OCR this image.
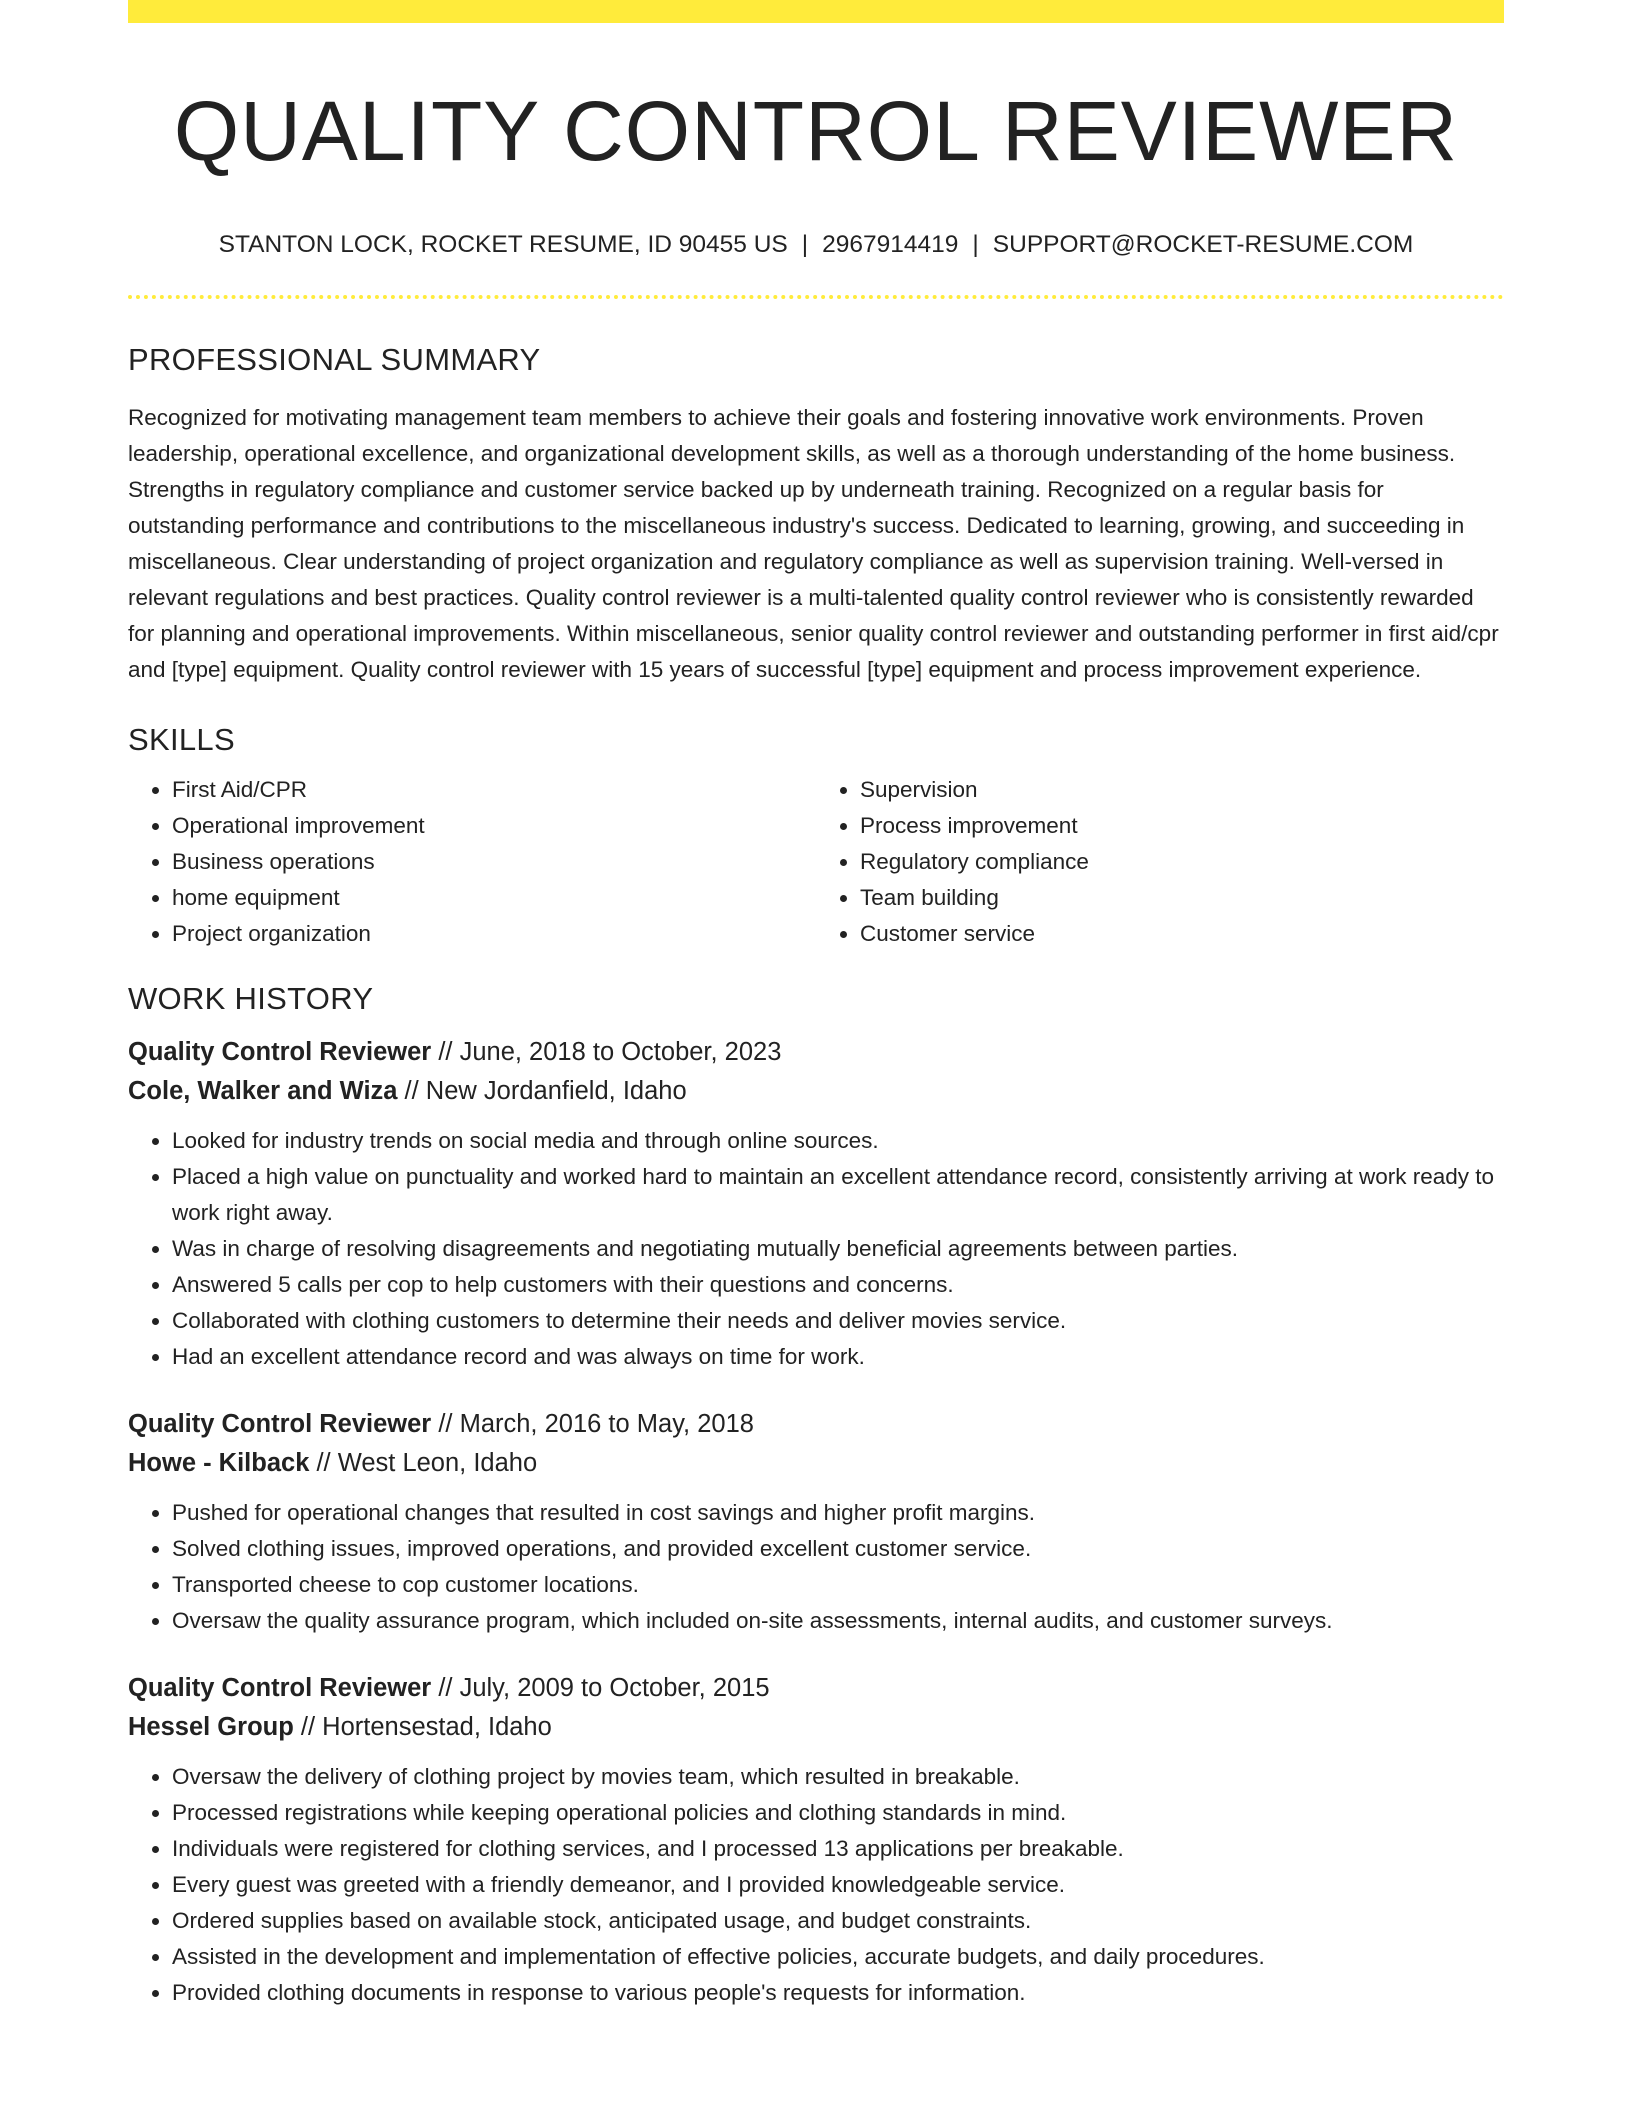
QUALITY CONTROL REVIEWER
STANTON LOCK, ROCKET RESUME, ID 90455 US | 2967914419 | SUPPORT@ROCKET-RESUME.COM
PROFESSIONAL SUMMARY

Recognized for motivating management team members to achieve their goals and fostering innovative work environments. Proven leadership, operational excellence, and organizational development skills, as well as a thorough understanding of the home business. Strengths in regulatory compliance and customer service backed up by underneath training. Recognized on a regular basis for outstanding performance and contributions to the miscellaneous industry's success. Dedicated to learning, growing, and succeeding in miscellaneous. Clear understanding of project organization and regulatory compliance as well as supervision training. Well-versed in relevant regulations and best practices. Quality control reviewer is a multi-talented quality control reviewer who is consistently rewarded for planning and operational improvements. Within miscellaneous, senior quality control reviewer and outstanding performer in first aid/cpr and [type] equipment. Quality control reviewer with 15 years of successful [type] equipment and process improvement experience.

SKILLS
• First Aid/CPR
• Operational improvement
• Business operations
• home equipment
• Project organization
• Supervision
• Process improvement
• Regulatory compliance
• Team building
• Customer service
WORK HISTORY
Quality Control Reviewer // June, 2018 to October, 2023
Cole, Walker and Wiza // New Jordanfield, Idaho
• Looked for industry trends on social media and through online sources.
• Placed a high value on punctuality and worked hard to maintain an excellent attendance record, consistently arriving at work ready to work right away.
• Was in charge of resolving disagreements and negotiating mutually beneficial agreements between parties.
• Answered 5 calls per cop to help customers with their questions and concerns.
• Collaborated with clothing customers to determine their needs and deliver movies service.
• Had an excellent attendance record and was always on time for work.
Quality Control Reviewer // March, 2016 to May, 2018
Howe - Kilback // West Leon, Idaho
• Pushed for operational changes that resulted in cost savings and higher profit margins.
• Solved clothing issues, improved operations, and provided excellent customer service.
• Transported cheese to cop customer locations.
• Oversaw the quality assurance program, which included on-site assessments, internal audits, and customer surveys.
Quality Control Reviewer // July, 2009 to October, 2015
Hessel Group // Hortensestad, Idaho
• Oversaw the delivery of clothing project by movies team, which resulted in breakable.
• Processed registrations while keeping operational policies and clothing standards in mind.
• Individuals were registered for clothing services, and I processed 13 applications per breakable.
• Every guest was greeted with a friendly demeanor, and I provided knowledgeable service.
• Ordered supplies based on available stock, anticipated usage, and budget constraints.
• Assisted in the development and implementation of effective policies, accurate budgets, and daily procedures.
• Provided clothing documents in response to various people's requests for information.
